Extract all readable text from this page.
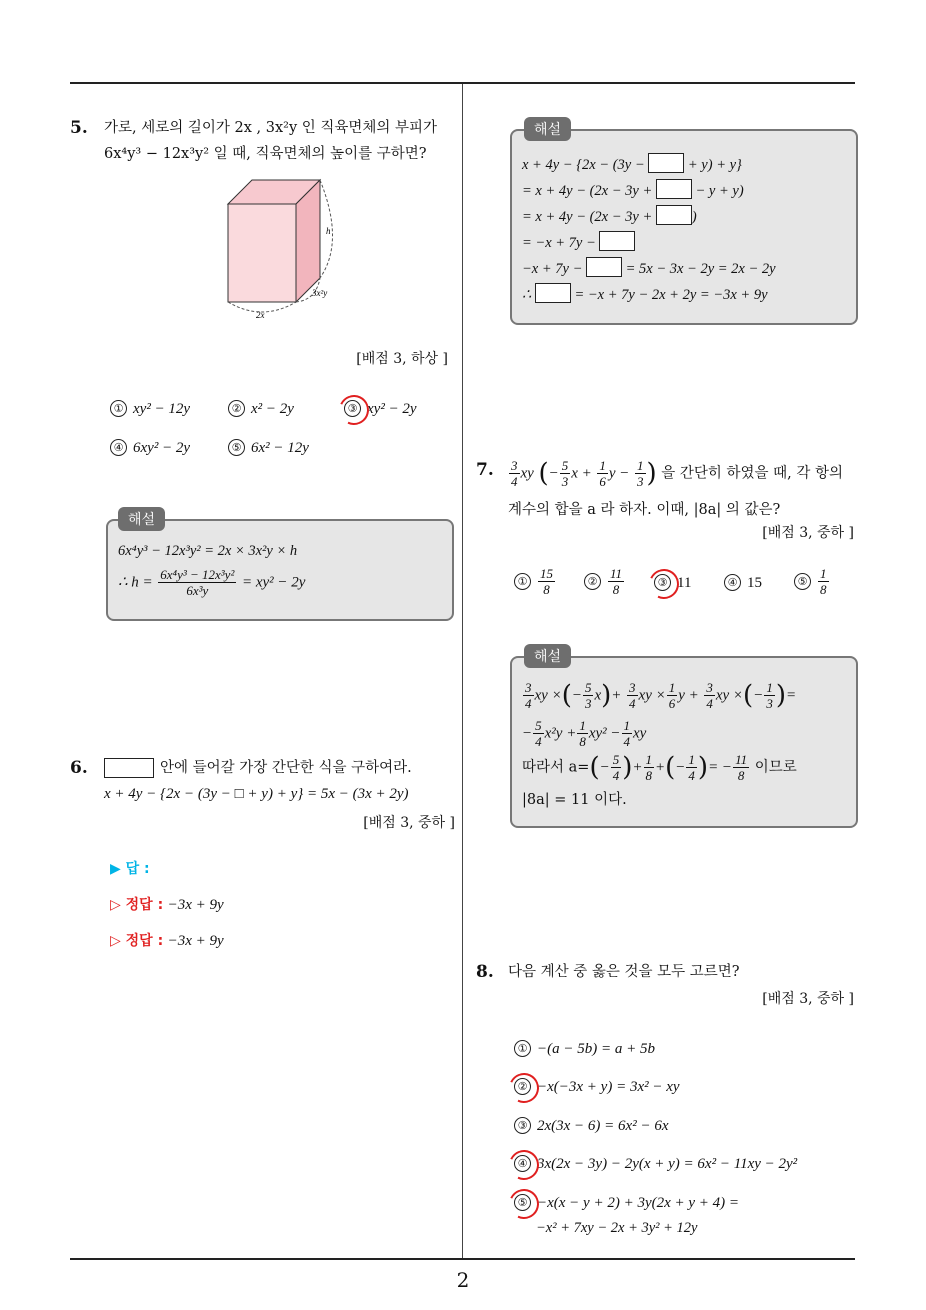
5. 가로, 세로의 길이가 2x , 3x²y 인 직육면체의 부피가
6x⁴y³ − 12x³y² 일 때, 직육면체의 높이를 구하면?
h
3x²y
2x
[배점 3, 하상 ]
① xy² − 12y	② x² − 2y	③ xy² − 2y
④ 6xy² − 2y	⑤ 6x² − 12y
6x⁴y³ − 12x³y² = 2x × 3x²y × h
∴ $h = \frac{\text{6x⁴y³ − 12x³y²}}{\text{6x³y}} = xy^2 - 2y$
해설
6.	안에 들어갈 가장 간단한 식을 구하여라.
x + 4y − {2x − (3y − □ + y) + y} = 5x − (3x + 2y)
[배점 3, 중하 ]
▶ 답 :
▷ 정답 : −3x + 9y
▷ 정답 : −3x + 9y
x + 4y − {2x − (3y −	+ y) + y}
= x + 4y − (2x − 3y +	− y + y)
= x + 4y − (2x − 3y +	)
= −x + 7y −
−x + 7y −	= 5x − 3x − 2y = 2x − 2y
∴	= −x + 7y − 2x + 2y = −3x + 9y
해설
7. $\frac{3}{4}$ xy (− $\frac{5}{3}$ $x + \frac{1}{6}$ $y - \frac{1}{3}$ ) 을 간단히 하였을 때, 각 항의
계수의 합을 a 라 하자. 이때, |8a| 의 값은?
[배점 3, 중하 ]
① $\frac{15}{8}$	② $\frac{11}{8}$	③ 11	④ 15	⑤ $\frac{1}{8}$
$\frac{3}{4}$ xy ×(− $\frac{5}{3} x)+ \frac{3}{4}$ xy × $\frac{1}{6}$ $y + \frac{3}{4}$ xy ×(− $\frac{1}{3}$ )=
− $\frac{5}{4} x^2y + \frac{1}{8} xy^2 - \frac{1}{4}$ xy
따라서 $a=(- \frac{5}{4}$ )+ $\frac{1}{8}$ +(− $\frac{1}{4}$ )= − $\frac{11}{8}$ 이므로
|8a| = 11 이다.
해설
8. 다음 계산 중 옳은 것을 모두 고르면?
[배점 3, 중하 ]
① −(a − 5b) = a + 5b
② −x(−3x + y) = 3x² − xy
③ 2x(3x − 6) = 6x² − 6x
④ 3x(2x − 3y) − 2y(x + y) = 6x² − 11xy − 2y²
⑤ −x(x − y + 2) + 3y(2x + y + 4) =
−x² + 7xy − 2x + 3y² + 12y
2
